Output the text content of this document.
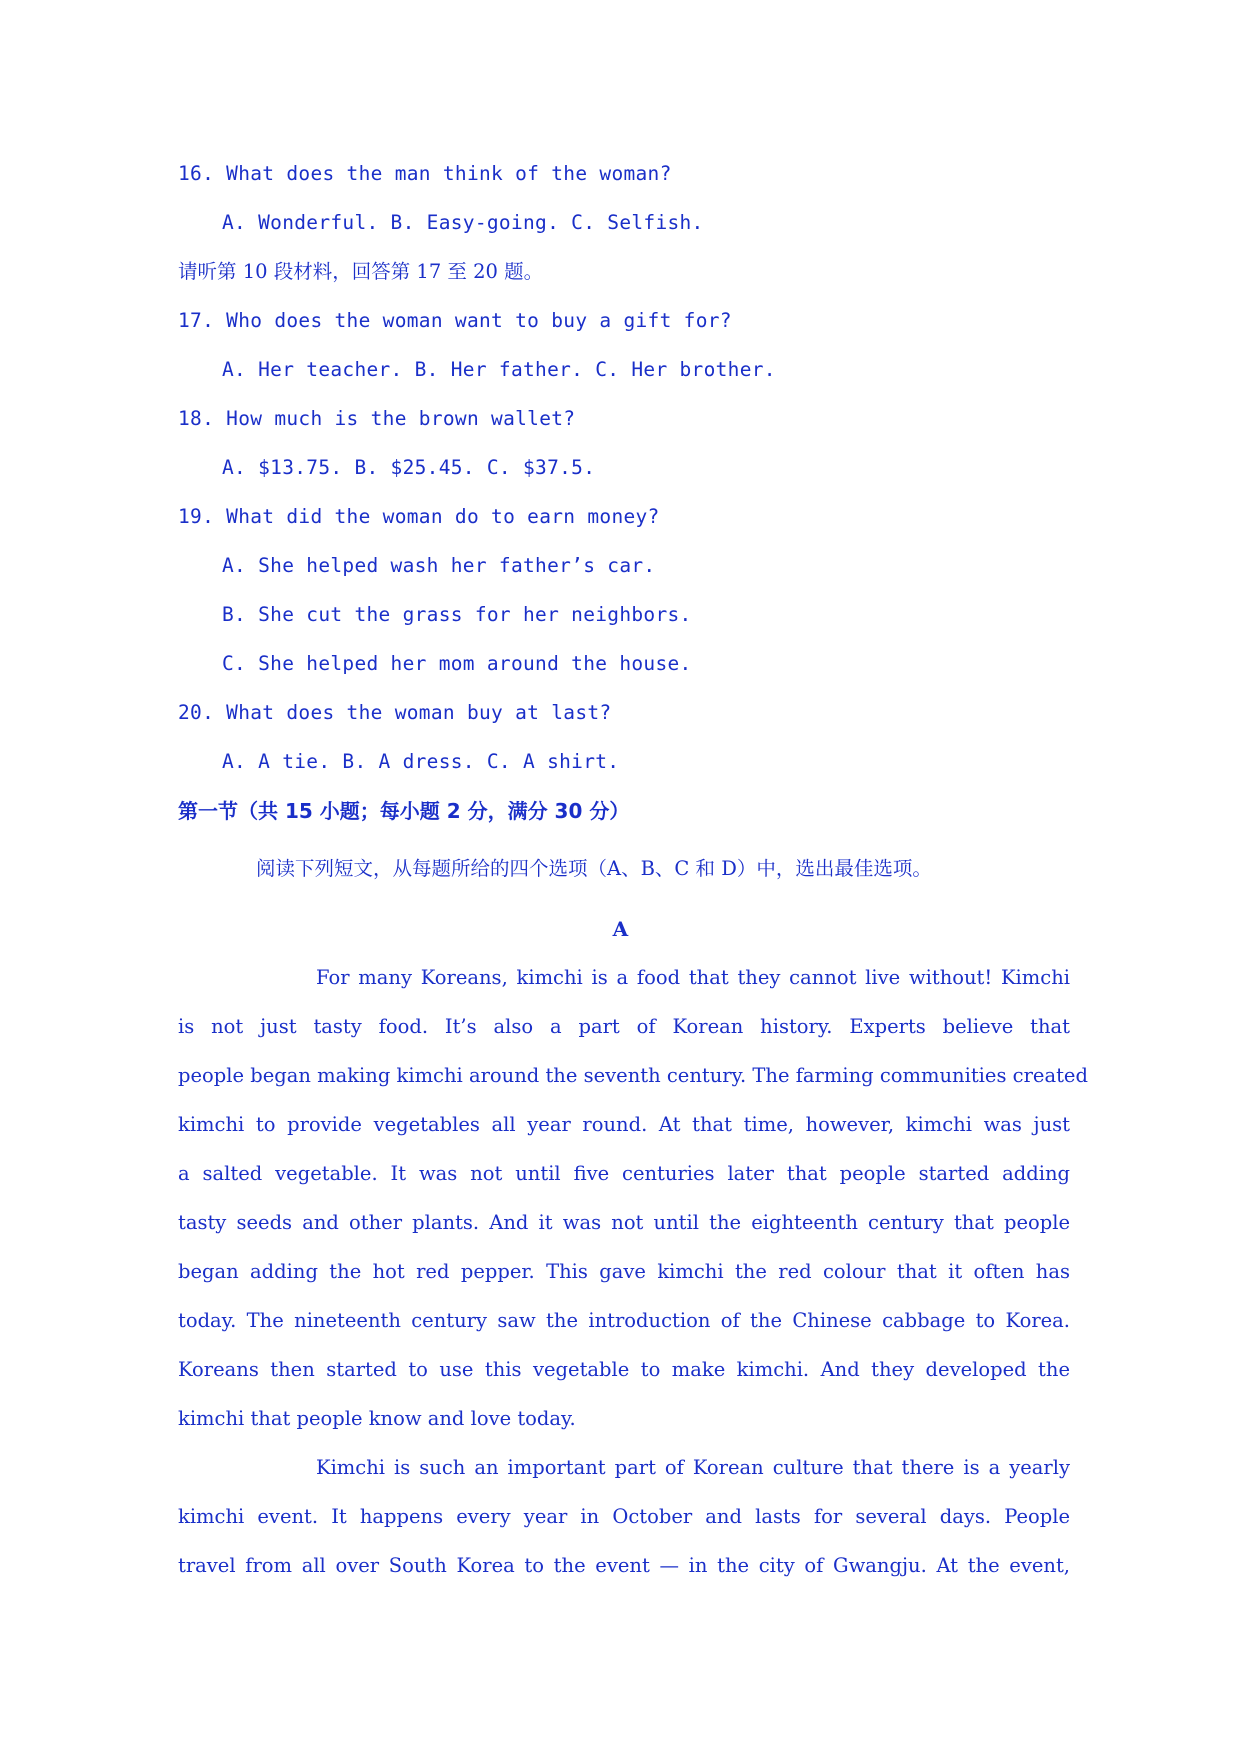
16. What does the man think of the woman?

A. Wonderful. B. Easy-going. C. Selfish.

请听第 10 段材料，回答第 17 至 20 题。

17. Who does the woman want to buy a gift for?

A. Her teacher. B. Her father. C. Her brother.

18. How much is the brown wallet?

A. $13.75. B. $25.45. C. $37.5.

19. What did the woman do to earn money?

A. She helped wash her father’s car.

B. She cut the grass for her neighbors.

C. She helped her mom around the house.

20. What does the woman buy at last?

A. A tie. B. A dress. C. A shirt.

第一节（共 15 小题；每小题 2 分，满分 30 分）

阅读下列短文，从每题所给的四个选项（A、B、C 和 D）中，选出最佳选项。

A

For many Koreans, kimchi is a food that they cannot live without! Kimchi
is not just tasty food. It’s also a part of Korean history. Experts believe that
people began making kimchi around the seventh century. The farming communities created
kimchi to provide vegetables all year round. At that time, however, kimchi was just
a salted vegetable. It was not until five centuries later that people started adding
tasty seeds and other plants. And it was not until the eighteenth century that people
began adding the hot red pepper. This gave kimchi the red colour that it often has
today. The nineteenth century saw the introduction of the Chinese cabbage to Korea.
Koreans then started to use this vegetable to make kimchi. And they developed the
kimchi that people know and love today.
Kimchi is such an important part of Korean culture that there is a yearly
kimchi event. It happens every year in October and lasts for several days. People
travel from all over South Korea to the event — in the city of Gwangju. At the event,
